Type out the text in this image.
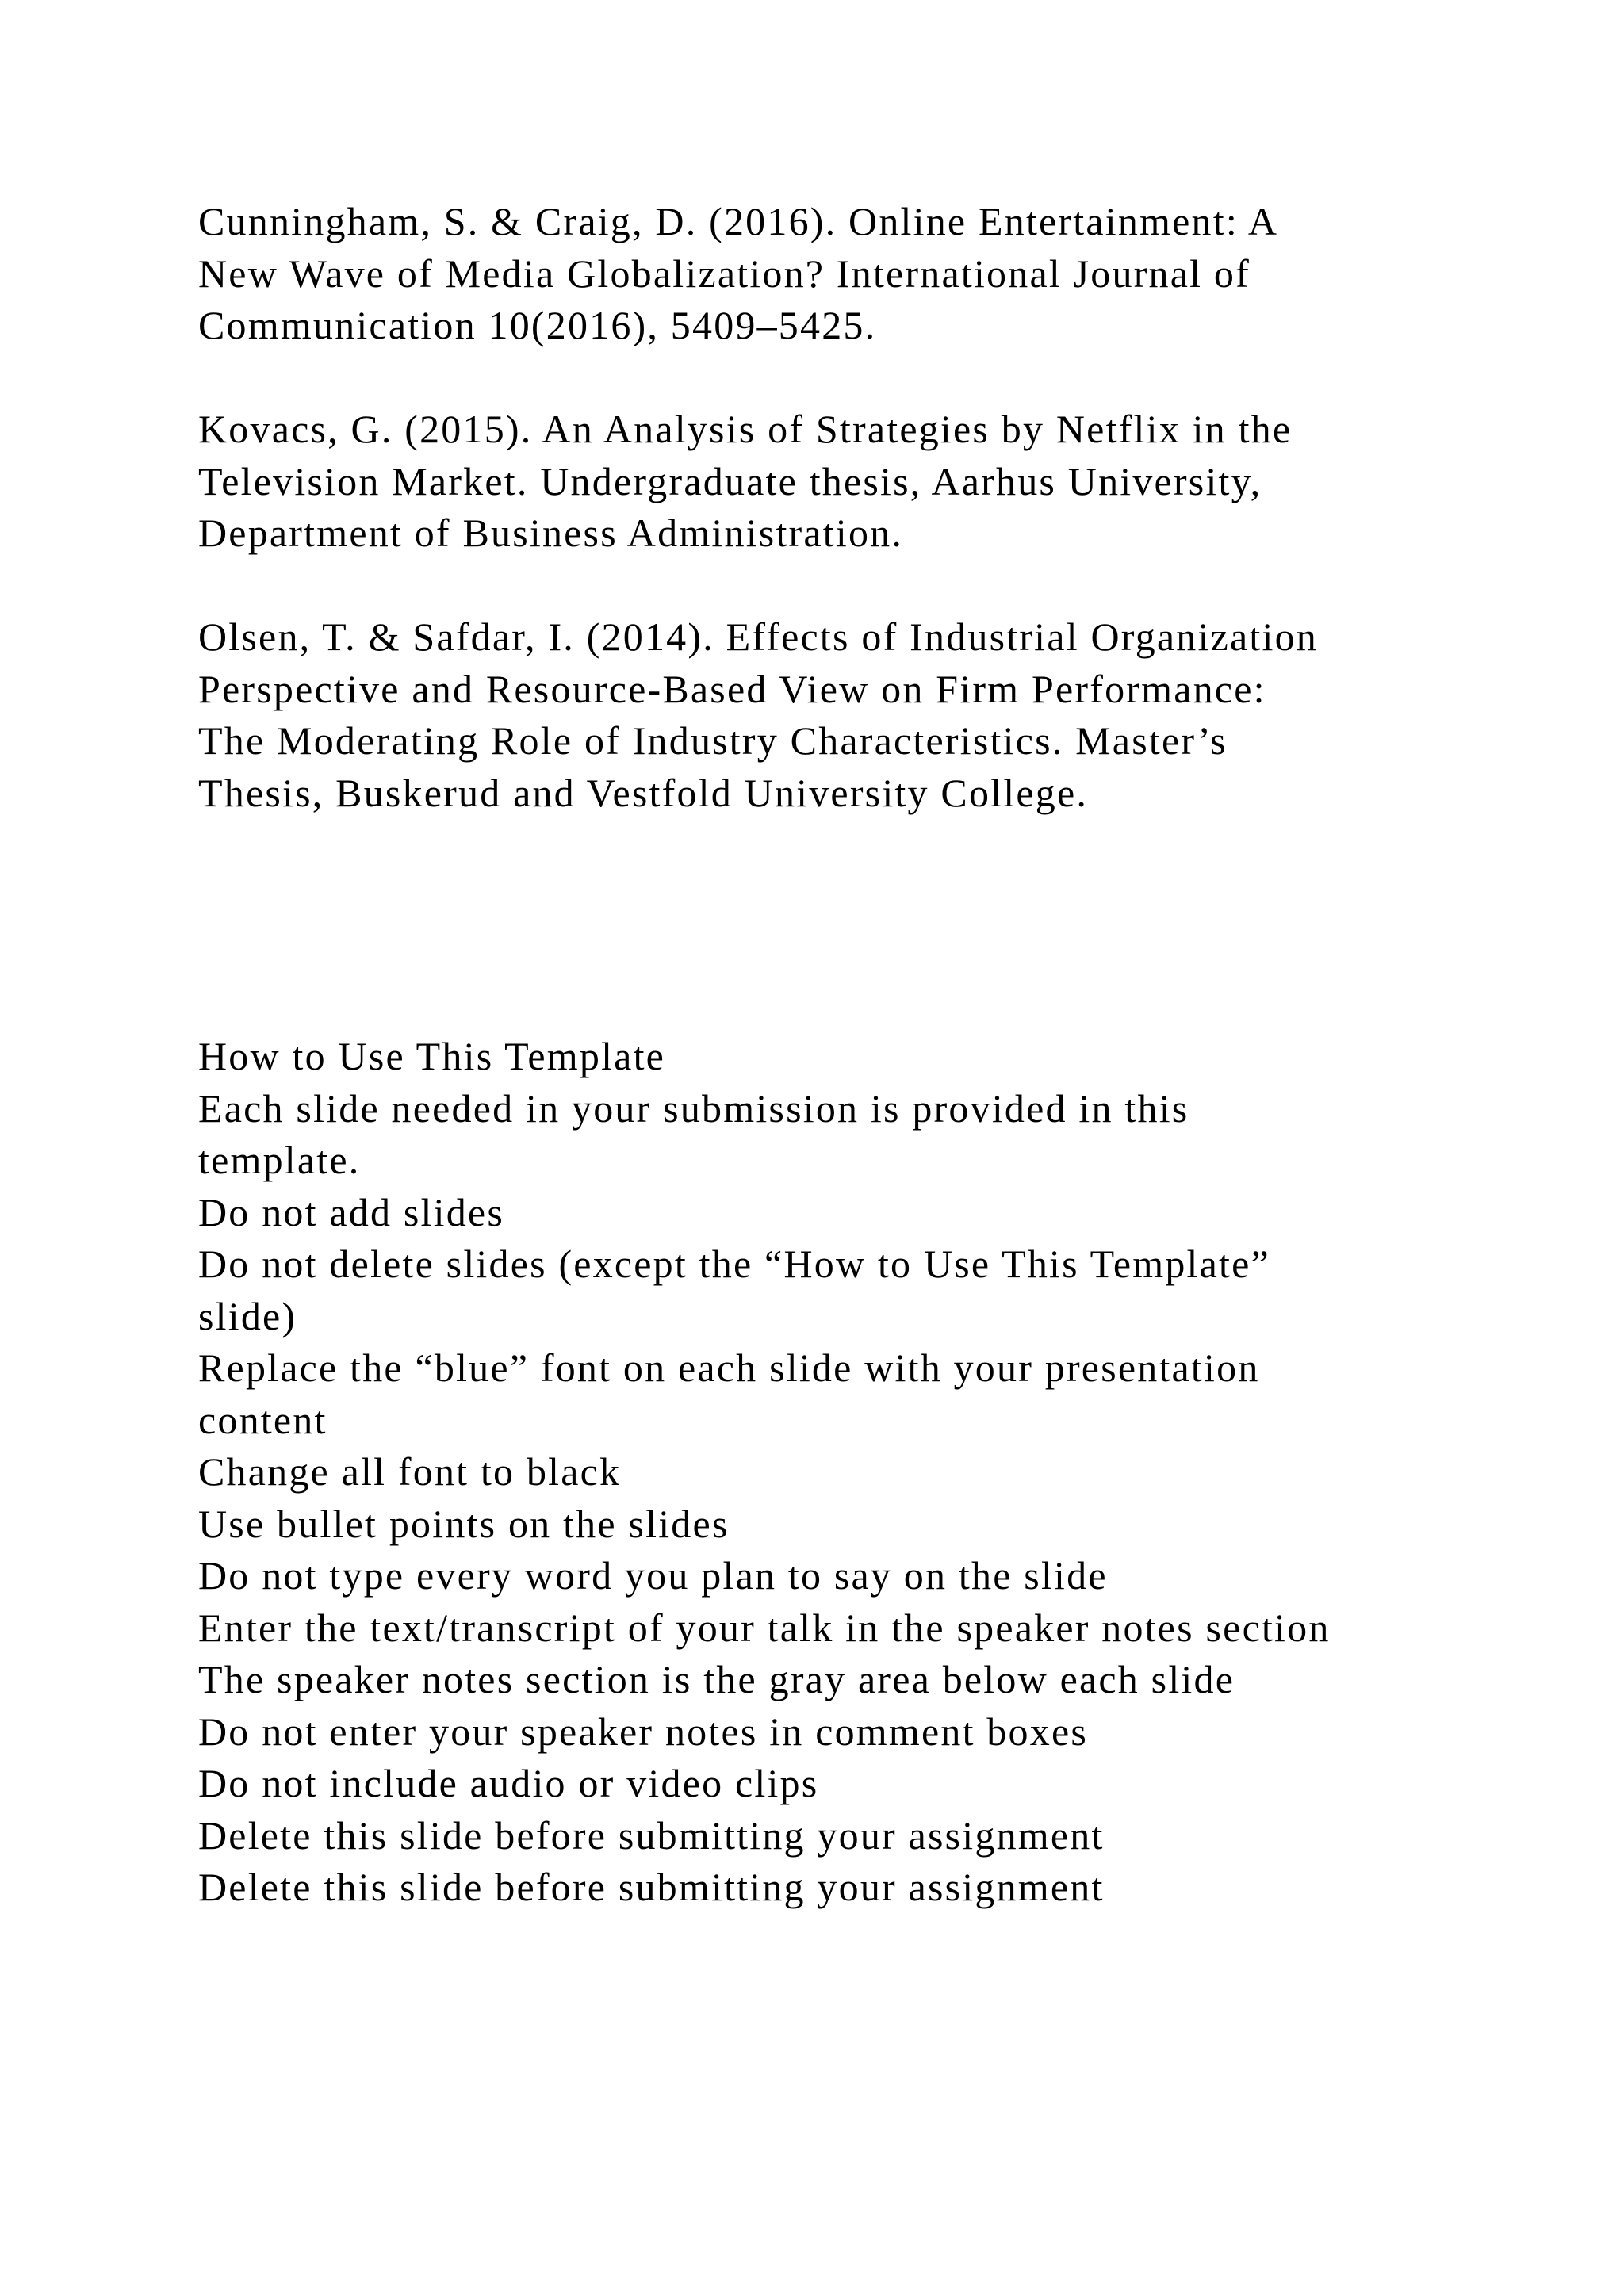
Cunningham, S. & Craig, D. (2016). Online Entertainment: A
New Wave of Media Globalization? International Journal of
Communication 10(2016), 5409–5425.
Kovacs, G. (2015). An Analysis of Strategies by Netflix in the
Television Market. Undergraduate thesis, Aarhus University,
Department of Business Administration.
Olsen, T. & Safdar, I. (2014). Effects of Industrial Organization
Perspective and Resource-Based View on Firm Performance:
The Moderating Role of Industry Characteristics. Master’s
Thesis, Buskerud and Vestfold University College.
How to Use This Template
Each slide needed in your submission is provided in this
template.
Do not add slides
Do not delete slides (except the “How to Use This Template”
slide)
Replace the “blue” font on each slide with your presentation
content
Change all font to black
Use bullet points on the slides
Do not type every word you plan to say on the slide
Enter the text/transcript of your talk in the speaker notes section
The speaker notes section is the gray area below each slide
Do not enter your speaker notes in comment boxes
Do not include audio or video clips
Delete this slide before submitting your assignment
Delete this slide before submitting your assignment
